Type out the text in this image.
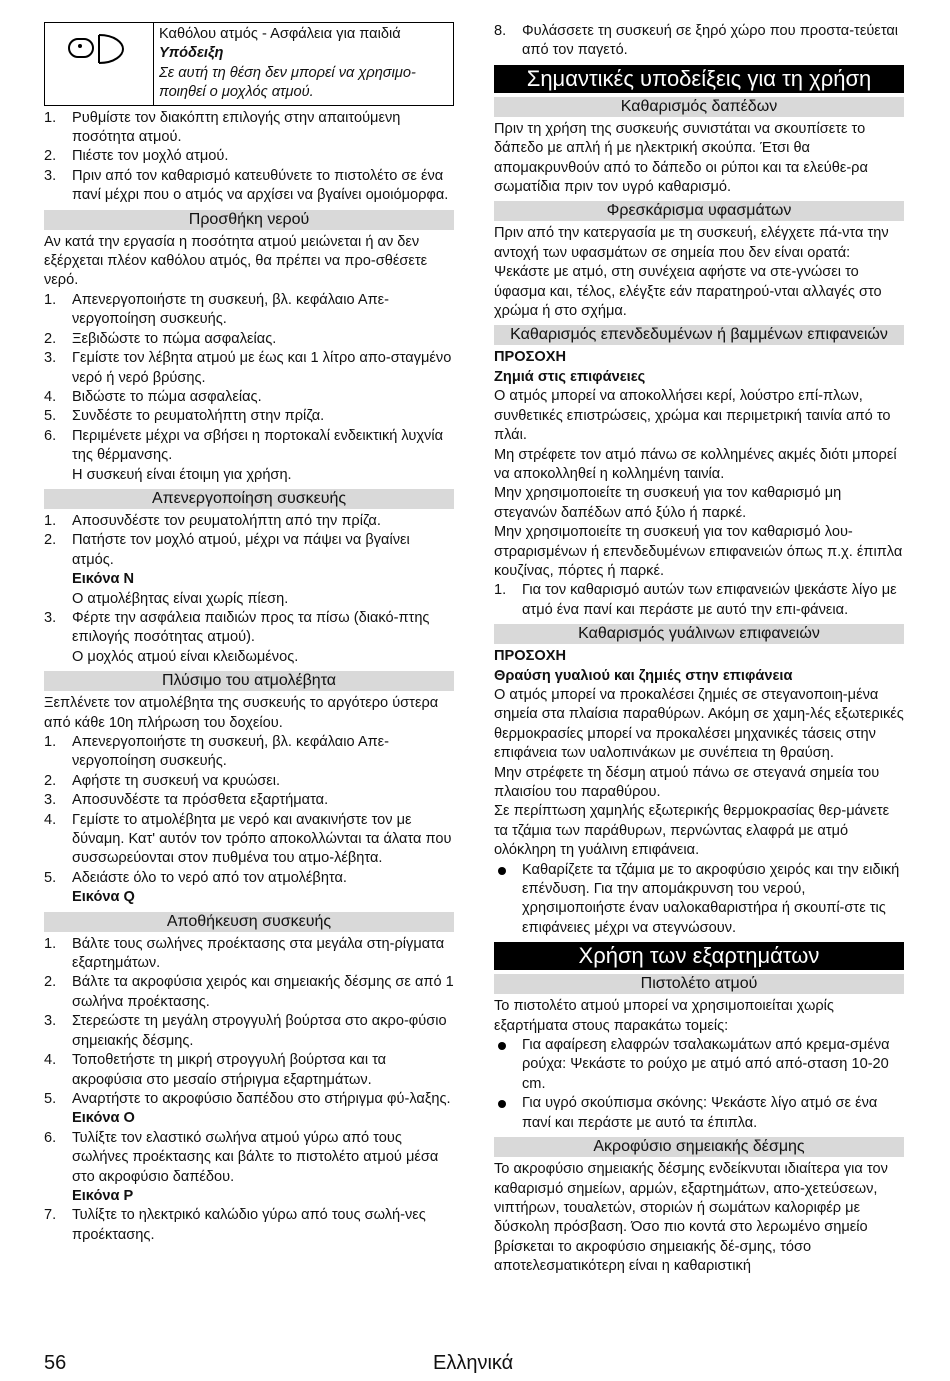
Καθόλου ατμός - Ασφάλεια για παιδιά
Υπόδειξη
Σε αυτή τη θέση δεν μπορεί να χρησιμο-ποιηθεί ο μοχλός ατμού.
1. Ρυθμίστε τον διακόπτη επιλογής στην απαιτούμενη ποσότητα ατμού.
2. Πιέστε τον μοχλό ατμού.
3. Πριν από τον καθαρισμό κατευθύνετε το πιστολέτο σε ένα πανί μέχρι που ο ατμός να αρχίσει να βγαίνει ομοιόμορφα.
Προσθήκη νερού

Αν κατά την εργασία η ποσότητα ατμού μειώνεται ή αν δεν εξέρχεται πλέον καθόλου ατμός, θα πρέπει να προ-σθέσετε νερό.

1. Απενεργοποιήστε τη συσκευή, βλ. κεφάλαιο Απε-νεργοποίηση συσκευής.
2. Ξεβιδώστε το πώμα ασφαλείας.
3. Γεμίστε τον λέβητα ατμού με έως και 1 λίτρο απο-σταγμένο νερό ή νερό βρύσης.
4. Βιδώστε το πώμα ασφαλείας.
5. Συνδέστε το ρευματολήπτη στην πρίζα.
6. Περιμένετε μέχρι να σβήσει η πορτοκαλί ενδεικτική λυχνία της θέρμανσης.
Η συσκευή είναι έτοιμη για χρήση.
Απενεργοποίηση συσκευής
1. Αποσυνδέστε τον ρευματολήπτη από την πρίζα.
2. Πατήστε τον μοχλό ατμού, μέχρι να πάψει να βγαίνει ατμός.
Εικόνα N
Ο ατμολέβητας είναι χωρίς πίεση.
3. Φέρτε την ασφάλεια παιδιών προς τα πίσω (διακό-πτης επιλογής ποσότητας ατμού).
Ο μοχλός ατμού είναι κλειδωμένος.
Πλύσιμο του ατμολέβητα

Ξεπλένετε τον ατμολέβητα της συσκευής το αργότερο ύστερα από κάθε 10η πλήρωση του δοχείου.

1. Απενεργοποιήστε τη συσκευή, βλ. κεφάλαιο Απε-νεργοποίηση συσκευής.
2. Αφήστε τη συσκευή να κρυώσει.
3. Αποσυνδέστε τα πρόσθετα εξαρτήματα.
4. Γεμίστε το ατμολέβητα με νερό και ανακινήστε τον με δύναμη. Κατ' αυτόν τον τρόπο αποκολλώνται τα άλατα που συσσωρεύονται στον πυθμένα του ατμο-λέβητα.
5. Αδειάστε όλο το νερό από τον ατμολέβητα.
Εικόνα Q
Αποθήκευση συσκευής
1. Βάλτε τους σωλήνες προέκτασης στα μεγάλα στη-ρίγματα εξαρτημάτων.
2. Βάλτε τα ακροφύσια χειρός και σημειακής δέσμης σε από 1 σωλήνα προέκτασης.
3. Στερεώστε τη μεγάλη στρογγυλή βούρτσα στο ακρο-φύσιο σημειακής δέσμης.
4. Τοποθετήστε τη μικρή στρογγυλή βούρτσα και τα ακροφύσια στο μεσαίο στήριγμα εξαρτημάτων.
5. Αναρτήστε το ακροφύσιο δαπέδου στο στήριγμα φύ-λαξης.
Εικόνα O
6. Τυλίξτε τον ελαστικό σωλήνα ατμού γύρω από τους σωλήνες προέκτασης και βάλτε το πιστολέτο ατμού μέσα στο ακροφύσιο δαπέδου.
Εικόνα P
7. Τυλίξτε το ηλεκτρικό καλώδιο γύρω από τους σωλή-νες προέκτασης.
8. Φυλάσσετε τη συσκευή σε ξηρό χώρο που προστα-τεύεται από τον παγετό.
Σημαντικές υποδείξεις για τη χρήση
Καθαρισμός δαπέδων

Πριν τη χρήση της συσκευής συνιστάται να σκουπίσετε το δάπεδο με απλή ή με ηλεκτρική σκούπα. Έτσι θα απομακρυνθούν από το δάπεδο οι ρύποι και τα ελεύθε-ρα σωματίδια πριν τον υγρό καθαρισμό.

Φρεσκάρισμα υφασμάτων

Πριν από την κατεργασία με τη συσκευή, ελέγχετε πά-ντα την αντοχή των υφασμάτων σε σημεία που δεν είναι ορατά: Ψεκάστε με ατμό, στη συνέχεια αφήστε να στε-γνώσει το ύφασμα και, τέλος, ελέγξτε εάν παρατηρού-νται αλλαγές στο χρώμα ή στο σχήμα.

Καθαρισμός επενδεδυμένων ή βαμμένων επιφανειών
ΠΡΟΣΟΧΗ
Ζημιά στις επιφάνειες

Ο ατμός μπορεί να αποκολλήσει κερί, λούστρο επί-πλων, συνθετικές επιστρώσεις, χρώμα και περιμετρική ταινία από το πλάι.

Μη στρέφετε τον ατμό πάνω σε κολλημένες ακμές διότι μπορεί να αποκολληθεί η κολλημένη ταινία.

Μην χρησιμοποιείτε τη συσκευή για τον καθαρισμό μη στεγανών δαπέδων από ξύλο ή παρκέ.

Μην χρησιμοποιείτε τη συσκευή για τον καθαρισμό λου-στραρισμένων ή επενδεδυμένων επιφανειών όπως π.χ. έπιπλα κουζίνας, πόρτες ή παρκέ.

1. Για τον καθαρισμό αυτών των επιφανειών ψεκάστε λίγο με ατμό ένα πανί και περάστε με αυτό την επι-φάνεια.
Καθαρισμός γυάλινων επιφανειών
ΠΡΟΣΟΧΗ
Θραύση γυαλιού και ζημιές στην επιφάνεια

Ο ατμός μπορεί να προκαλέσει ζημιές σε στεγανοποιη-μένα σημεία στα πλαίσια παραθύρων. Ακόμη σε χαμη-λές εξωτερικές θερμοκρασίες μπορεί να προκαλέσει μηχανικές τάσεις στην επιφάνεια των υαλοπινάκων με συνέπεια τη θραύση.

Μην στρέφετε τη δέσμη ατμού πάνω σε στεγανά σημεία του πλαισίου του παραθύρου.

Σε περίπτωση χαμηλής εξωτερικής θερμοκρασίας θερ-μάνετε τα τζάμια των παράθυρων, περνώντας ελαφρά με ατμό ολόκληρη τη γυάλινη επιφάνεια.

Καθαρίζετε τα τζάμια με το ακροφύσιο χειρός και την ειδική επένδυση. Για την απομάκρυνση του νερού, χρησιμοποιήστε έναν υαλοκαθαριστήρα ή σκουπί-στε τις επιφάνειες μέχρι να στεγνώσουν.
Χρήση των εξαρτημάτων
Πιστολέτο ατμού

Το πιστολέτο ατμού μπορεί να χρησιμοποιείται χωρίς εξαρτήματα στους παρακάτω τομείς:

Για αφαίρεση ελαφρών τσαλακωμάτων από κρεμα-σμένα ρούχα: Ψεκάστε το ρούχο με ατμό από από-σταση 10-20 cm.
Για υγρό σκούπισμα σκόνης: Ψεκάστε λίγο ατμό σε ένα πανί και περάστε με αυτό τα έπιπλα.
Ακροφύσιο σημειακής δέσμης

Το ακροφύσιο σημειακής δέσμης ενδείκνυται ιδιαίτερα για τον καθαρισμό σημείων, αρμών, εξαρτημάτων, απο-χετεύσεων, νιπτήρων, τουαλετών, στοριών ή σωμάτων καλοριφέρ με δύσκολη πρόσβαση. Όσο πιο κοντά στο λερωμένο σημείο βρίσκεται το ακροφύσιο σημειακής δέ-σμης, τόσο αποτελεσματικότερη είναι η καθαριστική

56	Ελληνικά
